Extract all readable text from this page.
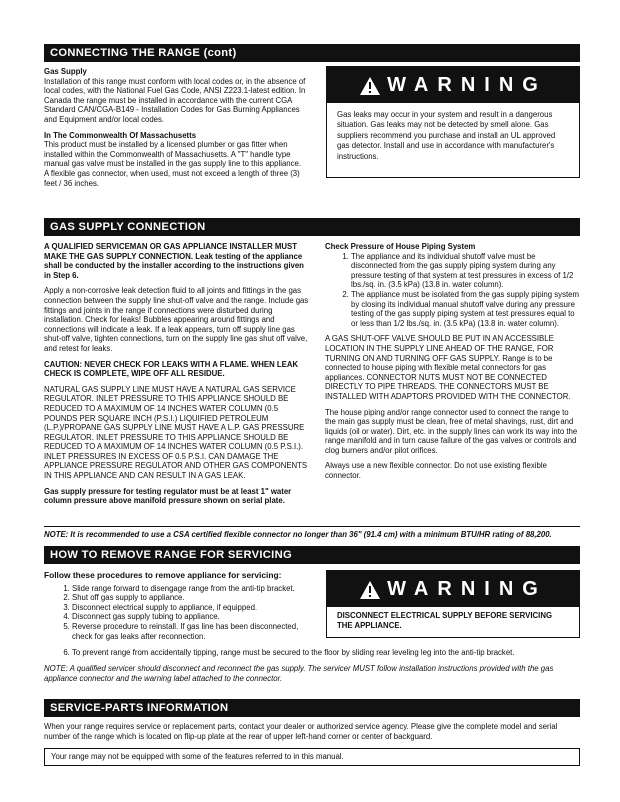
CONNECTING THE RANGE (cont)

Gas Supply

Installation of this range must conform with local codes or, in the absence of local codes, with the National Fuel Gas Code, ANSI Z223.1-latest edition. In Canada the range must be installed in accordance with the current CGA Standard CAN/CGA-B149 - Installation Codes for Gas Burning Appliances and Equipment and/or local codes.

In The Commonwealth Of Massachusetts

This product must be installed by a licensed plumber or gas fitter when installed within the Commonwealth of Massachusetts. A "T" handle type manual gas valve must be installed in the gas supply line to this appliance. A flexible gas connector, when used, must not exceed a length of three (3) feet / 36 inches.

WARNING

Gas leaks may occur in your system and result in a dangerous situation. Gas leaks may not be detected by smell alone. Gas suppliers recommend you purchase and install an UL approved gas detector. Install and use in accordance with manufacturer's instructions.

GAS SUPPLY CONNECTION

A QUALIFIED SERVICEMAN OR GAS APPLIANCE INSTALLER MUST MAKE THE GAS SUPPLY CONNECTION. Leak testing of the appliance shall be conducted by the installer according to the instructions given in Step 6.

Apply a non-corrosive leak detection fluid to all joints and fittings in the gas connection between the supply line shut-off valve and the range. Include gas fittings and joints in the range if connections were disturbed during installation. Check for leaks! Bubbles appearing around fittings and connections will indicate a leak. If a leak appears, turn off supply line gas shut-off valve, tighten connections, turn on the supply line gas shut off valve, and retest for leaks.

CAUTION: NEVER CHECK FOR LEAKS WITH A FLAME. WHEN LEAK CHECK IS COMPLETE, WIPE OFF ALL RESIDUE.

NATURAL GAS SUPPLY LINE MUST HAVE A NATURAL GAS SERVICE REGULATOR. INLET PRESSURE TO THIS APPLIANCE SHOULD BE REDUCED TO A MAXIMUM OF 14 INCHES WATER COLUMN (0.5 POUNDS PER SQUARE INCH (P.S.I.) LIQUIFIED PETROLEUM (L.P.)/PROPANE GAS SUPPLY LINE MUST HAVE A L.P. GAS PRESSURE REGULATOR. INLET PRESSURE TO THIS APPLIANCE SHOULD BE REDUCED TO A MAXIMUM OF 14 INCHES WATER COLUMN (0.5 P.S.I.). INLET PRESSURES IN EXCESS OF 0.5 P.S.I. CAN DAMAGE THE APPLIANCE PRESSURE REGULATOR AND OTHER GAS COMPONENTS IN THIS APPLIANCE AND CAN RESULT IN A GAS LEAK.

Gas supply pressure for testing regulator must be at least 1" water column pressure above manifold pressure shown on serial plate.

Check Pressure of House Piping System

1. The appliance and its individual shutoff valve must be disconnected from the gas supply piping system during any pressure testing of that system at test pressures in excess of 1/2 lbs./sq. in. (3.5 kPa) (13.8 in. water column).
2. The appliance must be isolated from the gas supply piping system by closing its individual manual shutoff valve during any pressure testing of the gas supply piping system at test pressures equal to or less than 1/2 lbs./sq. in. (3.5 kPa) (13.8 in. water column).

A GAS SHUT-OFF VALVE SHOULD BE PUT IN AN ACCESSIBLE LOCATION IN THE SUPPLY LINE AHEAD OF THE RANGE, FOR TURNING ON AND TURNING OFF GAS SUPPLY. Range is to be connected to house piping with flexible metal connectors for gas appliances. CONNECTOR NUTS MUST NOT BE CONNECTED DIRECTLY TO PIPE THREADS. THE CONNECTORS MUST BE INSTALLED WITH ADAPTORS PROVIDED WITH THE CONNECTOR.

The house piping and/or range connector used to connect the range to the main gas supply must be clean, free of metal shavings, rust, dirt and liquids (oil or water). Dirt, etc. in the supply lines can work its way into the range manifold and in turn cause failure of the gas valves or controls and clog burners and/or pilot orifices.

Always use a new flexible connector. Do not use existing flexible connector.

NOTE: It is recommended to use a CSA certified flexible connector no longer than 36" (91.4 cm) with a minimum BTU/HR rating of 88,200.

HOW TO REMOVE RANGE FOR SERVICING

Follow these procedures to remove appliance for servicing:

1. Slide range forward to disengage range from the anti-tip bracket.
2. Shut off gas supply to appliance.
3. Disconnect electrical supply to appliance, if equipped.
4. Disconnect gas supply tubing to appliance.
5. Reverse procedure to reinstall. If gas line has been disconnected, check for gas leaks after reconnection.
6. To prevent range from accidentally tipping, range must be secured to the floor by sliding rear leveling leg into the anti-tip bracket.
WARNING

DISCONNECT ELECTRICAL SUPPLY BEFORE SERVICING THE APPLIANCE.

NOTE: A qualified servicer should disconnect and reconnect the gas supply. The servicer MUST follow installation instructions provided with the gas appliance connector and the warning label attached to the connector.

SERVICE-PARTS INFORMATION

When your range requires service or replacement parts, contact your dealer or authorized service agency. Please give the complete model and serial number of the range which is located on flip-up plate at the rear of upper left-hand corner or center of backguard.

Your range may not be equipped with some of the features referred to in this manual.
